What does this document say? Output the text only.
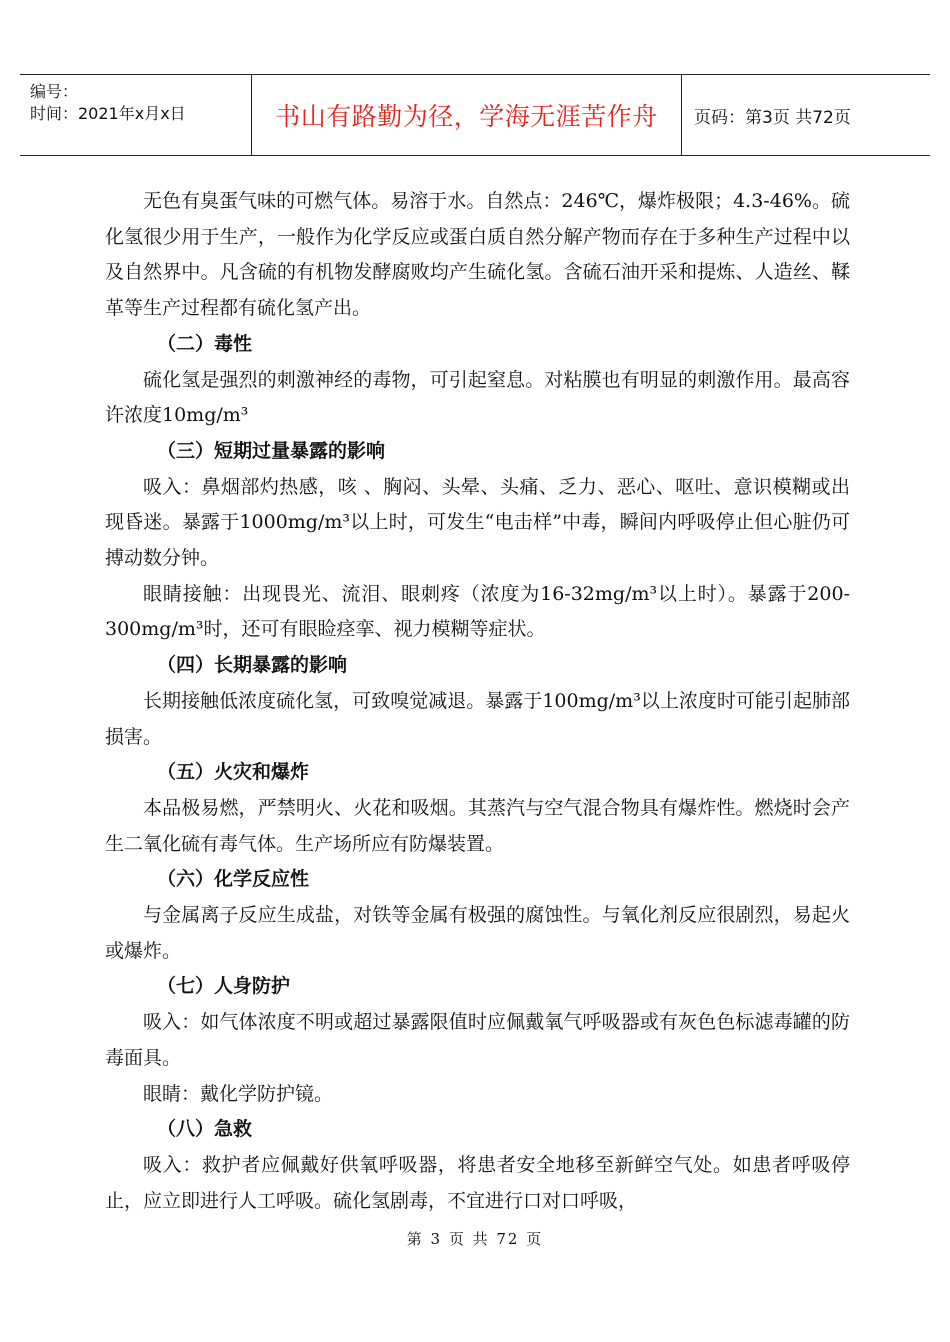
编号：
时间：2021年x月x日	书山有路勤为径，学海无涯苦作舟	页码：第3页 共72页

无色有臭蛋气味的可燃气体。易溶于水。自然点：246℃，爆炸极限；4.3-46%。硫化氢很少用于生产，一般作为化学反应或蛋白质自然分解产物而存在于多种生产过程中以及自然界中。凡含硫的有机物发酵腐败均产生硫化氢。含硫石油开采和提炼、人造丝、鞣革等生产过程都有硫化氢产出。

（二）毒性

硫化氢是强烈的刺激神经的毒物，可引起窒息。对粘膜也有明显的刺激作用。最高容许浓度10mg/m³

（三）短期过量暴露的影响

吸入：鼻烟部灼热感，咳 、胸闷、头晕、头痛、乏力、恶心、呕吐、意识模糊或出现昏迷。暴露于1000mg/m³以上时，可发生“电击样”中毒，瞬间内呼吸停止但心脏仍可搏动数分钟。

眼睛接触：出现畏光、流泪、眼刺疼（浓度为16-32mg/m³以上时）。暴露于200-300mg/m³时，还可有眼睑痉挛、视力模糊等症状。

（四）长期暴露的影响

长期接触低浓度硫化氢，可致嗅觉减退。暴露于100mg/m³以上浓度时可能引起肺部损害。

（五）火灾和爆炸

本品极易燃，严禁明火、火花和吸烟。其蒸汽与空气混合物具有爆炸性。燃烧时会产生二氧化硫有毒气体。生产场所应有防爆装置。

（六）化学反应性

与金属离子反应生成盐，对铁等金属有极强的腐蚀性。与氧化剂反应很剧烈，易起火或爆炸。

（七）人身防护

吸入：如气体浓度不明或超过暴露限值时应佩戴氧气呼吸器或有灰色色标滤毒罐的防毒面具。

眼睛：戴化学防护镜。

（八）急救

吸入：救护者应佩戴好供氧呼吸器，将患者安全地移至新鲜空气处。如患者呼吸停止，应立即进行人工呼吸。硫化氢剧毒，不宜进行口对口呼吸，

第 3 页 共 72 页
